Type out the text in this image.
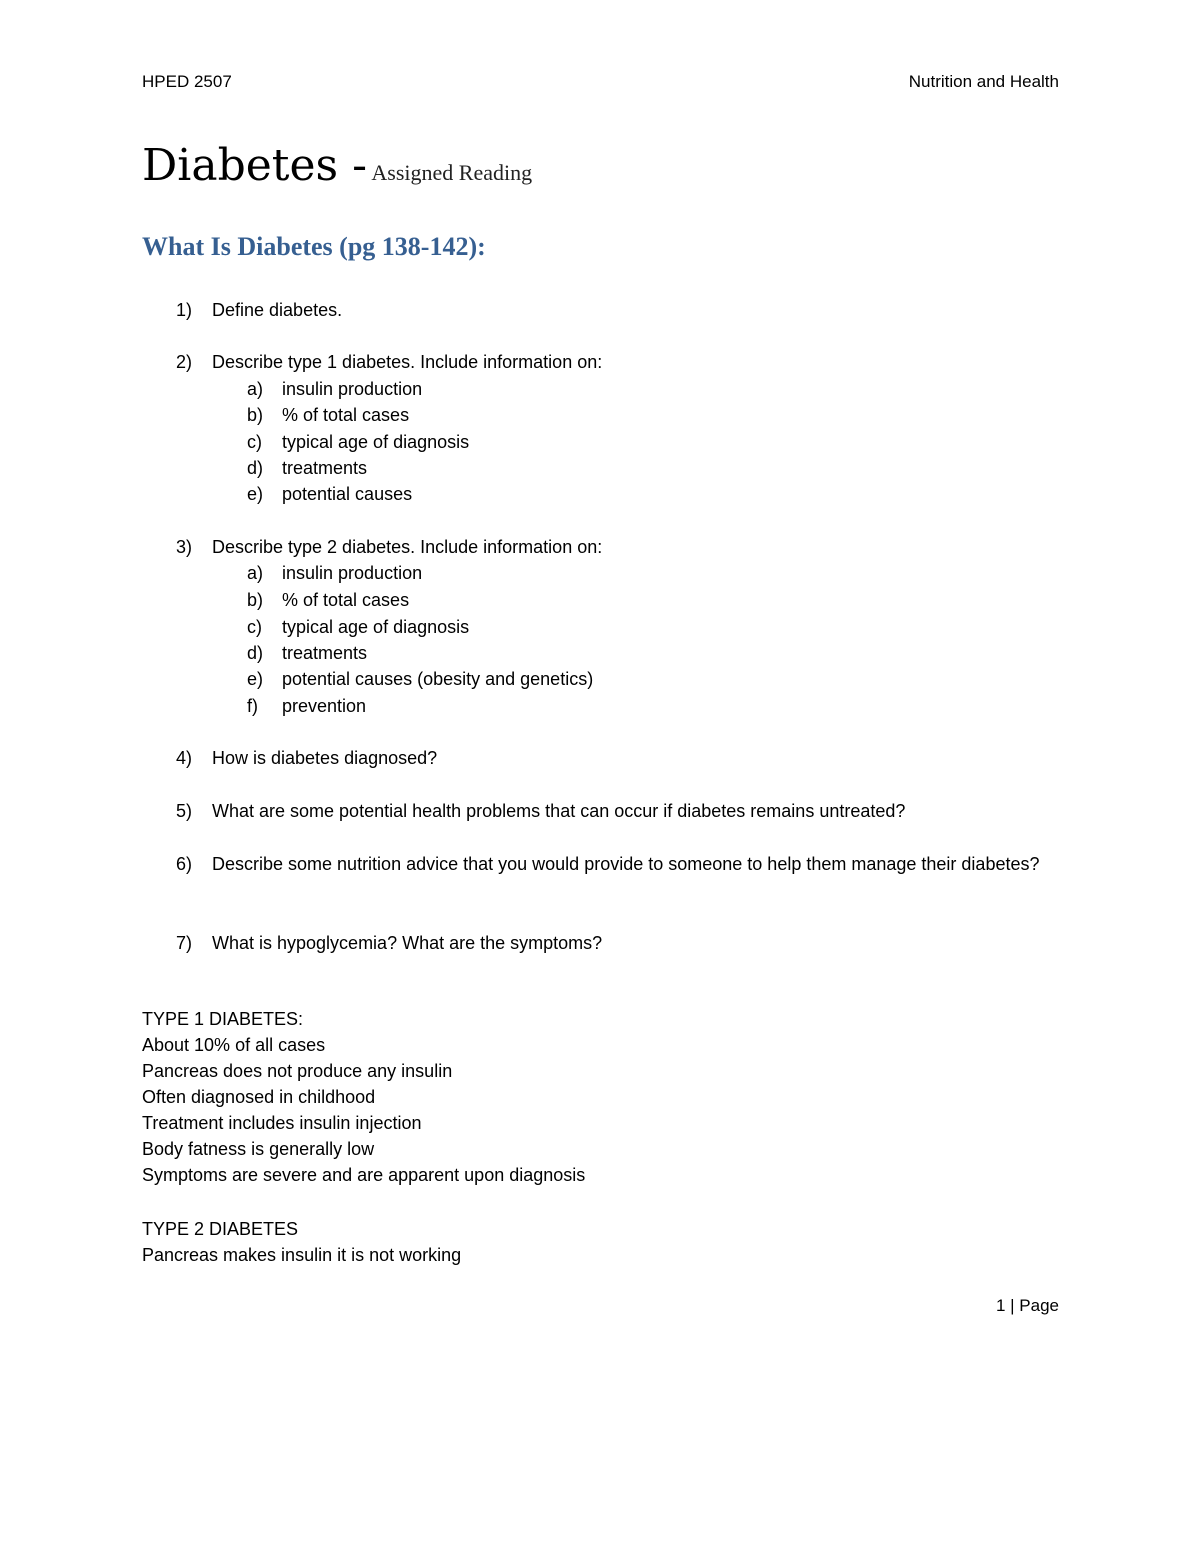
HPED 2507	Nutrition and Health
Diabetes - Assigned Reading
What Is Diabetes (pg 138-142):
1) Define diabetes.
2) Describe type 1 diabetes. Include information on:
a) insulin production
b) % of total cases
c) typical age of diagnosis
d) treatments
e) potential causes
3) Describe type 2 diabetes. Include information on:
a) insulin production
b) % of total cases
c) typical age of diagnosis
d) treatments
e) potential causes (obesity and genetics)
f) prevention
4) How is diabetes diagnosed?
5) What are some potential health problems that can occur if diabetes remains untreated?
6) Describe some nutrition advice that you would provide to someone to help them manage their diabetes?
7) What is hypoglycemia? What are the symptoms?
TYPE 1 DIABETES:
About 10% of all cases
Pancreas does not produce any insulin
Often diagnosed in childhood
Treatment includes insulin injection
Body fatness is generally low
Symptoms are severe and are apparent upon diagnosis
TYPE 2 DIABETES
Pancreas makes insulin it is not working
1 | Page
